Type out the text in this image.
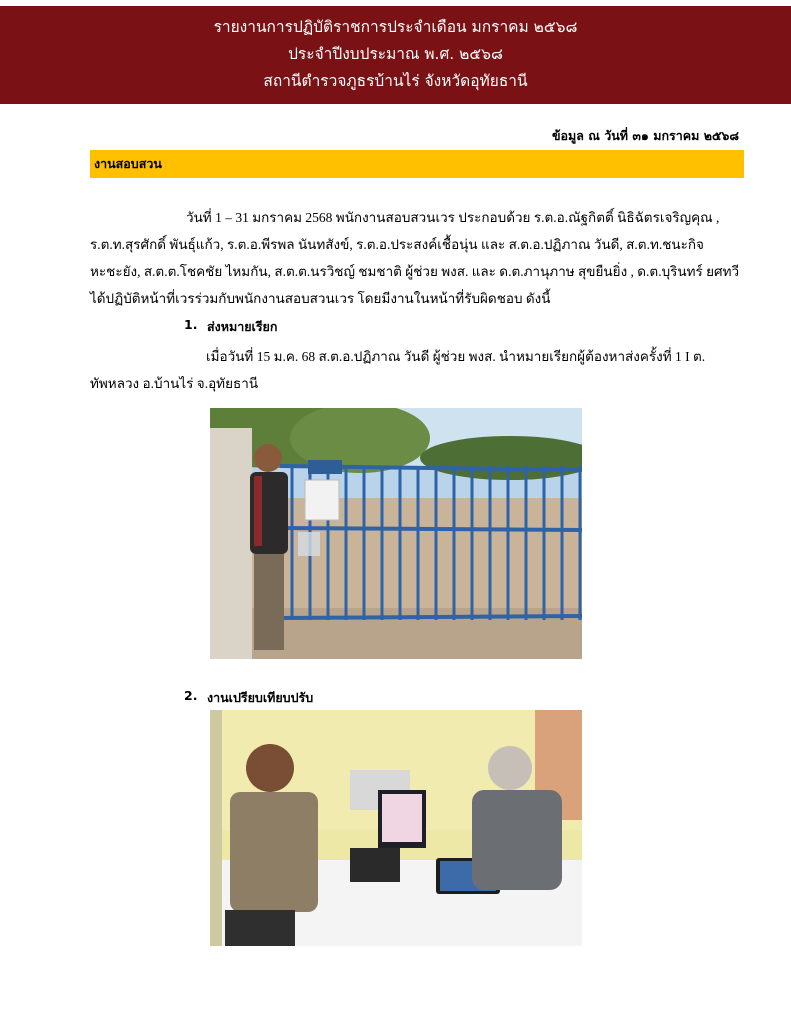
รายงานการปฏิบัติราชการประจำเดือน มกราคม ๒๕๖๘
ประจำปีงบประมาณ พ.ศ. ๒๕๖๘
สถานีตำรวจภูธรบ้านไร่ จังหวัดอุทัยธานี
ข้อมูล ณ วันที่ ๓๑ มกราคม ๒๕๖๘
งานสอบสวน
วันที่ 1 – 31 มกราคม 2568 พนักงานสอบสวนเวร ประกอบด้วย ร.ต.อ.ณัฐกิตติ์ นิธิฉัตรเจริญคุณ ,
ร.ต.ท.สุรศักดิ์ พันธุ์แก้ว, ร.ต.อ.พีรพล นันทสังข์, ร.ต.อ.ประสงค์เชื้อนุ่น และ ส.ต.อ.ปฏิภาณ วันดี, ส.ต.ท.ชนะกิจ
หะชะยัง, ส.ต.ต.โชคชัย ไหมกัน, ส.ต.ต.นรวิชญ์ ชมชาติ ผู้ช่วย พงส. และ ด.ต.ภานุภาษ สุขยืนยิ่ง , ด.ต.บุรินทร์ ยศทวี
ได้ปฏิบัติหน้าที่เวรร่วมกับพนักงานสอบสวนเวร โดยมีงานในหน้าที่รับผิดชอบ ดังนี้
1. ส่งหมายเรียก
เมื่อวันที่ 15 ม.ค. 68 ส.ต.อ.ปฏิภาณ วันดี ผู้ช่วย พงส. นำหมายเรียกผู้ต้องหาส่งครั้งที่ 1 I ต.
ทัพหลวง อ.บ้านไร่ จ.อุทัยธานี
2. งานเปรียบเทียบปรับ
